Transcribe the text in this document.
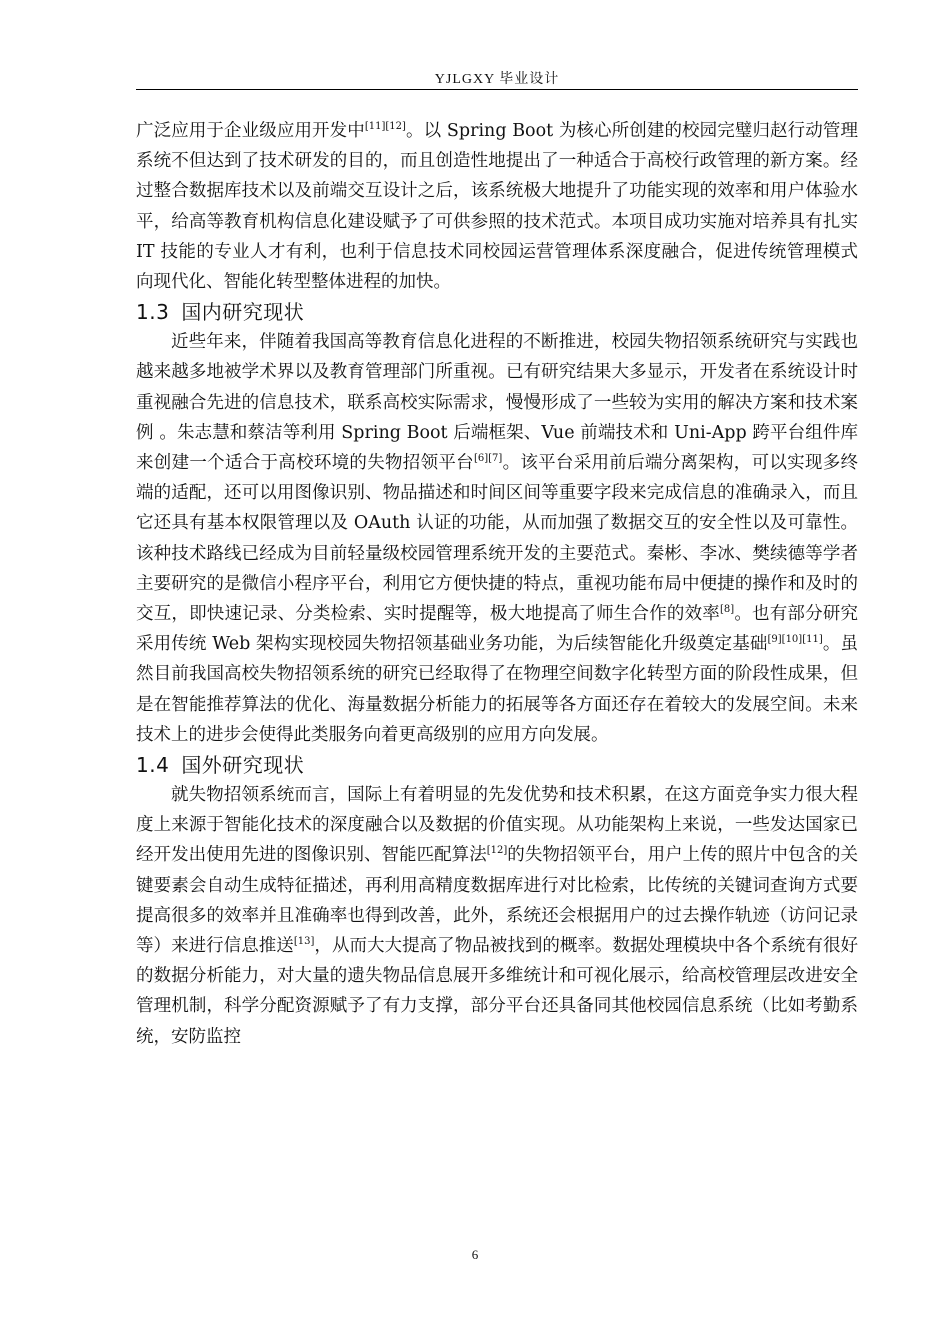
YJLGXY 毕业设计

广泛应用于企业级应用开发中[11][12]。以 Spring Boot 为核心所创建的校园完璧归赵行动管理系统不但达到了技术研发的目的，而且创造性地提出了一种适合于高校行政管理的新方案。经过整合数据库技术以及前端交互设计之后，该系统极大地提升了功能实现的效率和用户体验水平，给高等教育机构信息化建设赋予了可供参照的技术范式。本项目成功实施对培养具有扎实 IT 技能的专业人才有利，也利于信息技术同校园运营管理体系深度融合，促进传统管理模式向现代化、智能化转型整体进程的加快。

1.3 国内研究现状

近些年来，伴随着我国高等教育信息化进程的不断推进，校园失物招领系统研究与实践也越来越多地被学术界以及教育管理部门所重视。已有研究结果大多显示，开发者在系统设计时重视融合先进的信息技术，联系高校实际需求，慢慢形成了一些较为实用的解决方案和技术案例 。朱志慧和蔡洁等利用 Spring Boot 后端框架、Vue 前端技术和 Uni-App 跨平台组件库来创建一个适合于高校环境的失物招领平台[6][7]。该平台采用前后端分离架构，可以实现多终端的适配，还可以用图像识别、物品描述和时间区间等重要字段来完成信息的准确录入，而且它还具有基本权限管理以及 OAuth 认证的功能，从而加强了数据交互的安全性以及可靠性。该种技术路线已经成为目前轻量级校园管理系统开发的主要范式。秦彬、李冰、樊续德等学者主要研究的是微信小程序平台，利用它方便快捷的特点，重视功能布局中便捷的操作和及时的交互，即快速记录、分类检索、实时提醒等，极大地提高了师生合作的效率[8]。也有部分研究采用传统 Web 架构实现校园失物招领基础业务功能，为后续智能化升级奠定基础[9][10][11]。虽然目前我国高校失物招领系统的研究已经取得了在物理空间数字化转型方面的阶段性成果，但是在智能推荐算法的优化、海量数据分析能力的拓展等各方面还存在着较大的发展空间。未来技术上的进步会使得此类服务向着更高级别的应用方向发展。

1.4 国外研究现状

就失物招领系统而言，国际上有着明显的先发优势和技术积累，在这方面竞争实力很大程度上来源于智能化技术的深度融合以及数据的价值实现。从功能架构上来说，一些发达国家已经开发出使用先进的图像识别、智能匹配算法[12]的失物招领平台，用户上传的照片中包含的关键要素会自动生成特征描述，再利用高精度数据库进行对比检索，比传统的关键词查询方式要提高很多的效率并且准确率也得到改善，此外，系统还会根据用户的过去操作轨迹（访问记录等）来进行信息推送[13]，从而大大提高了物品被找到的概率。数据处理模块中各个系统有很好的数据分析能力，对大量的遗失物品信息展开多维统计和可视化展示，给高校管理层改进安全管理机制，科学分配资源赋予了有力支撑，部分平台还具备同其他校园信息系统（比如考勤系统，安防监控

6
